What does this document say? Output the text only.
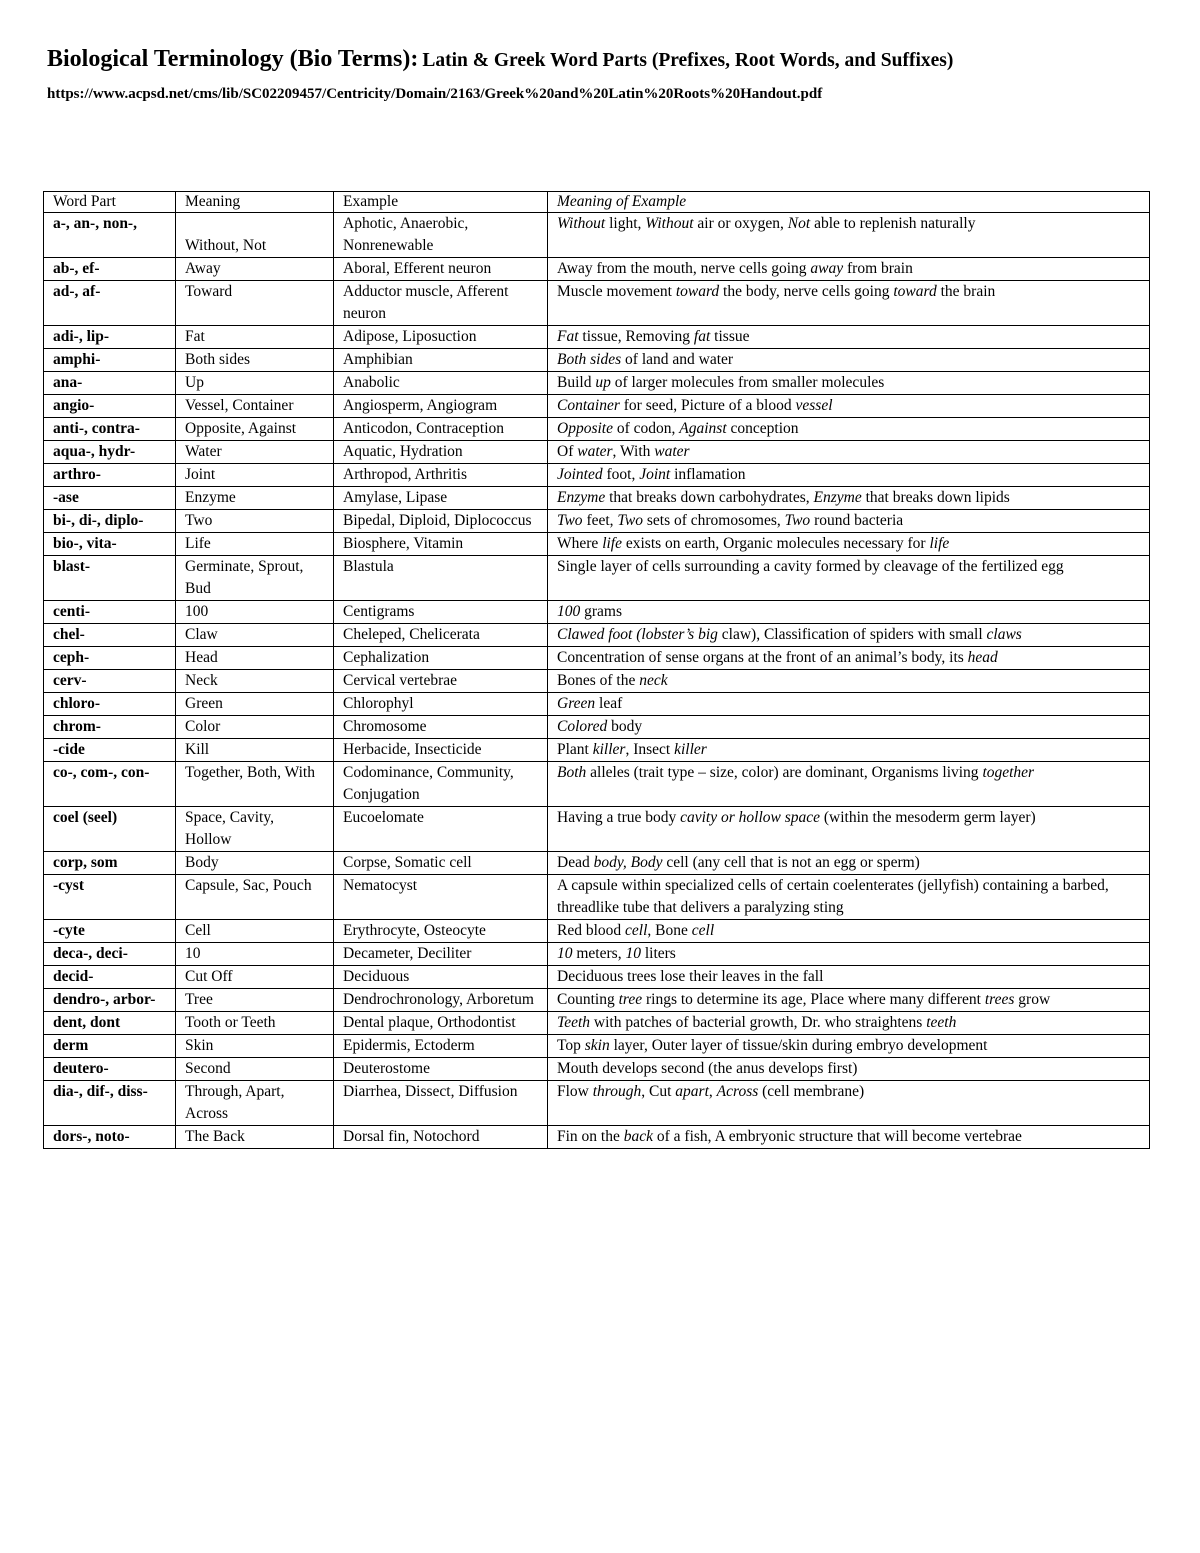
Biological Terminology (Bio Terms): Latin & Greek Word Parts (Prefixes, Root Words, and Suffixes)
https://www.acpsd.net/cms/lib/SC02209457/Centricity/Domain/2163/Greek%20and%20Latin%20Roots%20Handout.pdf
Word Part	Meaning	Example	Meaning of Example
a-, an-, non-,	Without, Not	Aphotic, Anaerobic, Nonrenewable	Without light, Without air or oxygen, Not able to replenish naturally
ab-, ef-	Away	Aboral, Efferent neuron	Away from the mouth, nerve cells going away from brain
ad-, af-	Toward	Adductor muscle, Afferent neuron	Muscle movement toward the body, nerve cells going toward the brain
adi-, lip-	Fat	Adipose, Liposuction	Fat tissue, Removing fat tissue
amphi-	Both sides	Amphibian	Both sides of land and water
ana-	Up	Anabolic	Build up of larger molecules from smaller molecules
angio-	Vessel, Container	Angiosperm, Angiogram	Container for seed, Picture of a blood vessel
anti-, contra-	Opposite, Against	Anticodon, Contraception	Opposite of codon, Against conception
aqua-, hydr-	Water	Aquatic, Hydration	Of water, With water
arthro-	Joint	Arthropod, Arthritis	Jointed foot, Joint inflamation
-ase	Enzyme	Amylase, Lipase	Enzyme that breaks down carbohydrates, Enzyme that breaks down lipids
bi-, di-, diplo-	Two	Bipedal, Diploid, Diplococcus	Two feet, Two sets of chromosomes, Two round bacteria
bio-, vita-	Life	Biosphere, Vitamin	Where life exists on earth, Organic molecules necessary for life
blast-	Germinate, Sprout, Bud	Blastula	Single layer of cells surrounding a cavity formed by cleavage of the fertilized egg
centi-	100	Centigrams	100 grams
chel-	Claw	Cheleped, Chelicerata	Clawed foot (lobster’s big claw), Classification of spiders with small claws
ceph-	Head	Cephalization	Concentration of sense organs at the front of an animal’s body, its head
cerv-	Neck	Cervical vertebrae	Bones of the neck
chloro-	Green	Chlorophyl	Green leaf
chrom-	Color	Chromosome	Colored body
-cide	Kill	Herbacide, Insecticide	Plant killer, Insect killer
co-, com-, con-	Together, Both, With	Codominance, Community, Conjugation	Both alleles (trait type – size, color) are dominant, Organisms living together
coel (seel)	Space, Cavity, Hollow	Eucoelomate	Having a true body cavity or hollow space (within the mesoderm germ layer)
corp, som	Body	Corpse, Somatic cell	Dead body, Body cell (any cell that is not an egg or sperm)
-cyst	Capsule, Sac, Pouch	Nematocyst	A capsule within specialized cells of certain coelenterates (jellyfish) containing a barbed, threadlike tube that delivers a paralyzing sting
-cyte	Cell	Erythrocyte, Osteocyte	Red blood cell, Bone cell
deca-, deci-	10	Decameter, Deciliter	10 meters, 10 liters
decid-	Cut Off	Deciduous	Deciduous trees lose their leaves in the fall
dendro-, arbor-	Tree	Dendrochronology, Arboretum	Counting tree rings to determine its age, Place where many different trees grow
dent, dont	Tooth or Teeth	Dental plaque, Orthodontist	Teeth with patches of bacterial growth, Dr. who straightens teeth
derm	Skin	Epidermis, Ectoderm	Top skin layer, Outer layer of tissue/skin during embryo development
deutero-	Second	Deuterostome	Mouth develops second (the anus develops first)
dia-, dif-, diss-	Through, Apart, Across	Diarrhea, Dissect, Diffusion	Flow through, Cut apart, Across (cell membrane)
dors-, noto-	The Back	Dorsal fin, Notochord	Fin on the back of a fish, A embryonic structure that will become vertebrae
